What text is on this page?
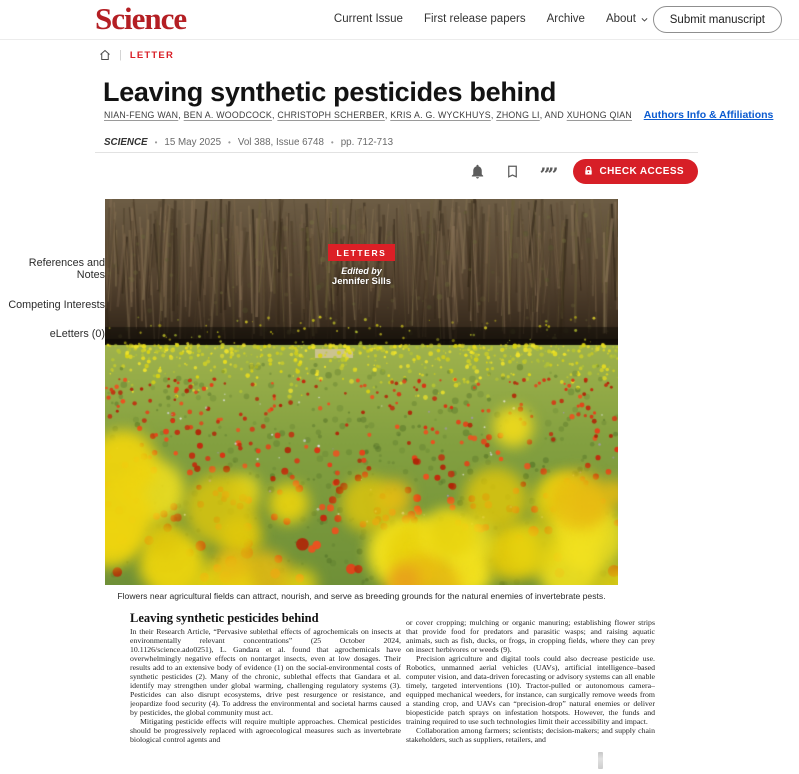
Science	Current Issue First release papers Archive About	Submit manuscript
| LETTER
Leaving synthetic pesticides behind
NIAN-FENG WAN, BEN A. WOODCOCK, CHRISTOPH SCHERBER, KRIS A. G. WYCKHUYS, ZHONG LI, AND XUHONG QIAN Authors Info & Affiliations
SCIENCE • 15 May 2025 • Vol 388, Issue 6748 • pp. 712-713
””	CHECK ACCESS
References and Notes
Competing Interests
eLetters (0)
LETTERS
Edited by
Jennifer Sills
Flowers near agricultural fields can attract, nourish, and serve as breeding grounds for the natural enemies of invertebrate pests.
Leaving synthetic pesticides behind

In their Research Article, “Pervasive sublethal effects of agrochemicals on insects at environmentally relevant concentrations” (25 October 2024, 10.1126/science.ado0251), L. Gandara et al. found that agrochemicals have overwhelmingly negative effects on nontarget insects, even at low dosages. Their results add to an extensive body of evidence (1) on the social-environmental costs of synthetic pesticides (2). Many of the chronic, sublethal effects that Gandara et al. identify may strengthen under global warming, challenging regulatory systems (3). Pesticides can also disrupt ecosystems, drive pest resurgence or resistance, and jeopardize food security (4). To address the environmental and societal harms caused by pesticides, the global community must act.

Mitigating pesticide effects will require multiple approaches. Chemical pesticides should be progressively replaced with agroecological measures such as invertebrate biological control agents and

or cover cropping; mulching or organic manuring; establishing flower strips that provide food for predators and parasitic wasps; and raising aquatic animals, such as fish, ducks, or frogs, in cropping fields, where they can prey on insect herbivores or weeds (9).

Precision agriculture and digital tools could also decrease pesticide use. Robotics, unmanned aerial vehicles (UAVs), artificial intelligence–based computer vision, and data-driven forecasting or advisory systems can all enable timely, targeted interventions (10). Tractor-pulled or autonomous camera–equipped mechanical weeders, for instance, can surgically remove weeds from a standing crop, and UAVs can “precision-drop” natural enemies or deliver biopesticide patch sprays on infestation hotspots. However, the funds and training required to use such technologies limit their accessibility and impact.

Collaboration among farmers; scientists; decision-makers; and supply chain stakeholders, such as suppliers, retailers, and
